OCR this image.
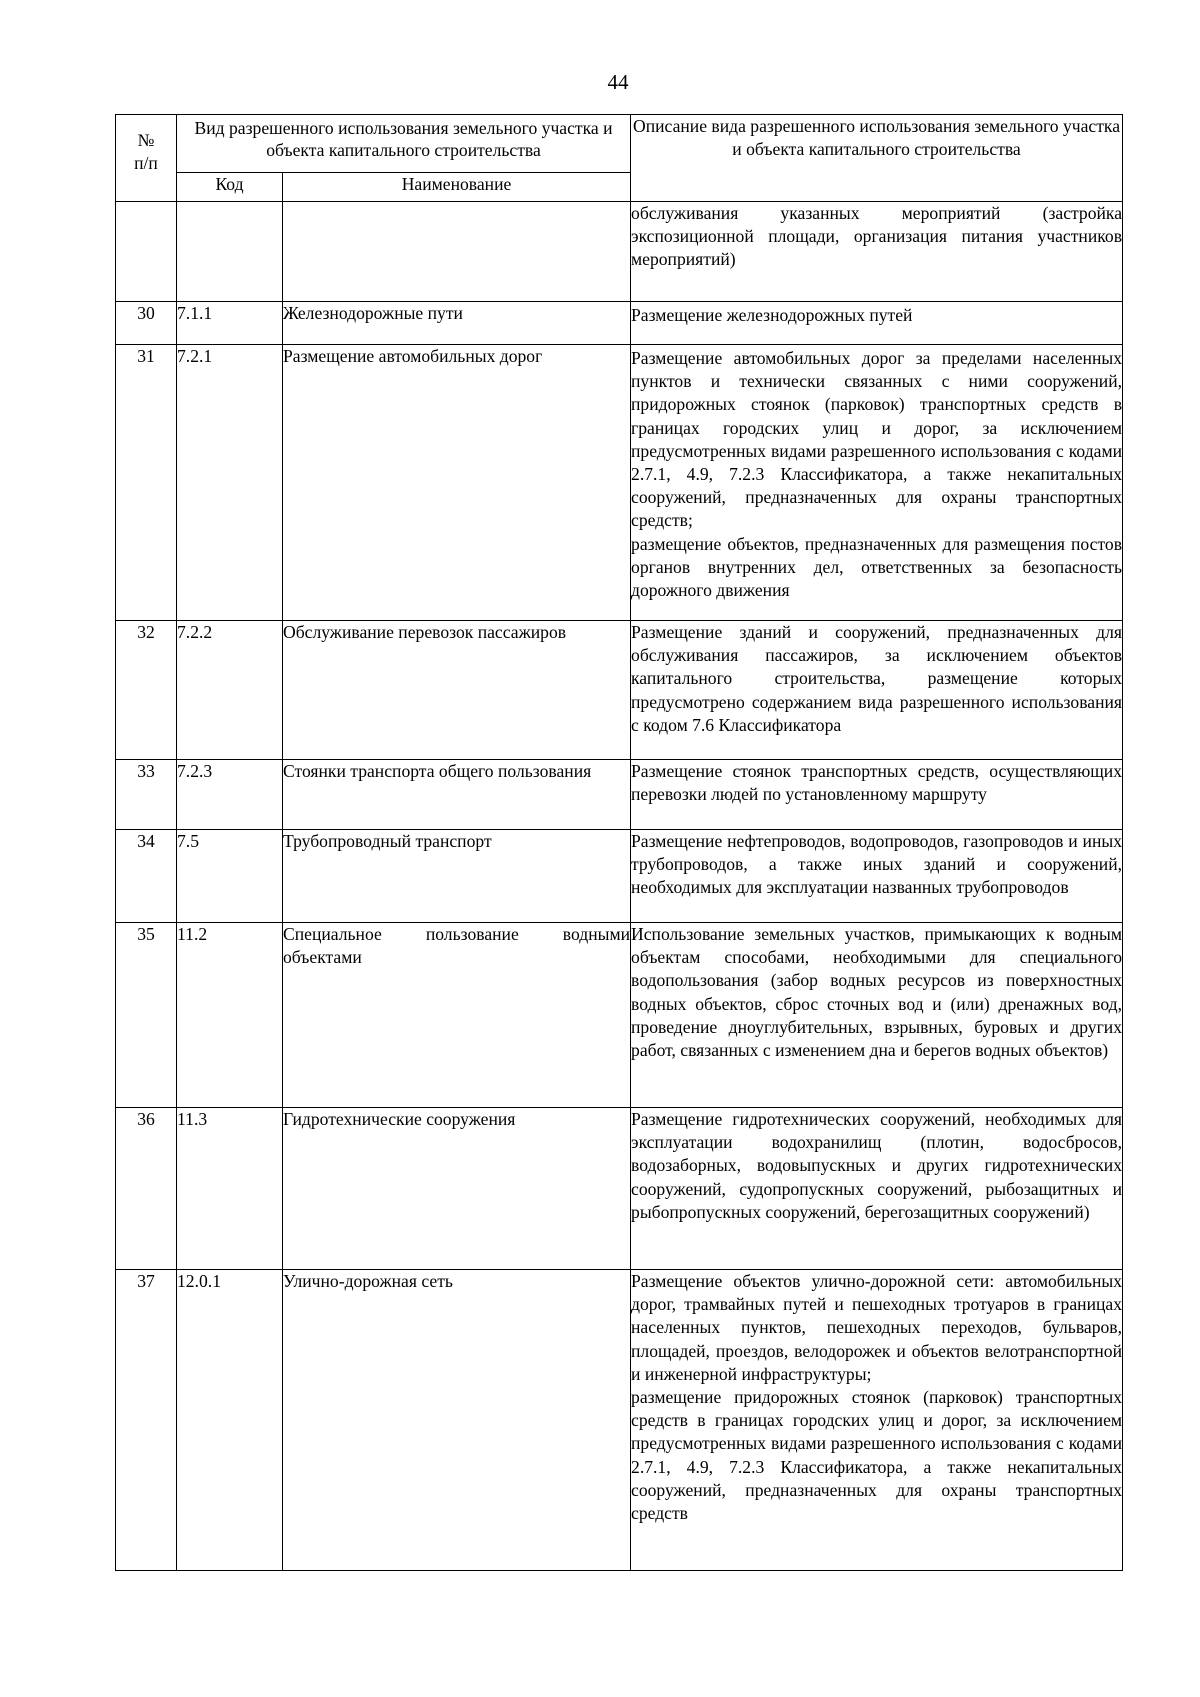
44
№
п/п	Вид разрешенного использования земельного участка и объекта капитального строительства		Описание вида разрешенного использования земельного участка и объекта капитального строительства
	Код	Наименование	
			обслуживания указанных мероприятий (застройка экспозиционной площади, организация питания участников мероприятий)
30	7.1.1	Железнодорожные пути	Размещение железнодорожных путей
31	7.2.1	Размещение автомобильных дорог	Размещение автомобильных дорог за пределами населенных пунктов и технически связанных с ними сооружений, придорожных стоянок (парковок) транспортных средств в границах городских улиц и дорог, за исключением предусмотренных видами разрешенного использования с кодами 2.7.1, 4.9, 7.2.3 Классификатора, а также некапитальных сооружений, предназначенных для охраны транспортных средств;
размещение объектов, предназначенных для размещения постов органов внутренних дел, ответственных за безопасность дорожного движения

32	7.2.2	Обслуживание перевозок пассажиров	Размещение зданий и сооружений, предназначенных для обслуживания пассажиров, за исключением объектов капитального строительства, размещение которых предусмотрено содержанием вида разрешенного использования с кодом 7.6 Классификатора
33	7.2.3	Стоянки транспорта общего пользования	Размещение стоянок транспортных средств, осуществляющих перевозки людей по установленному маршруту
34	7.5	Трубопроводный транспорт	Размещение нефтепроводов, водопроводов, газопроводов и иных трубопроводов, а также иных зданий и сооружений, необходимых для эксплуатации названных трубопроводов
35	11.2	Специальное пользование водными объектами	Использование земельных участков, примыкающих к водным объектам способами, необходимыми для специального водопользования (забор водных ресурсов из поверхностных водных объектов, сброс сточных вод и (или) дренажных вод, проведение дноуглубительных, взрывных, буровых и других работ, связанных с изменением дна и берегов водных объектов)
36	11.3	Гидротехнические сооружения	Размещение гидротехнических сооружений, необходимых для эксплуатации водохранилищ (плотин, водосбросов, водозаборных, водовыпускных и других гидротехнических сооружений, судопропускных сооружений, рыбозащитных и рыбопропускных сооружений, берегозащитных сооружений)
37	12.0.1	Улично-дорожная сеть	Размещение объектов улично-дорожной сети: автомобильных дорог, трамвайных путей и пешеходных тротуаров в границах населенных пунктов, пешеходных переходов, бульваров, площадей, проездов, велодорожек и объектов велотранспортной и инженерной инфраструктуры;
размещение придорожных стоянок (парковок) транспортных средств в границах городских улиц и дорог, за исключением предусмотренных видами разрешенного использования с кодами 2.7.1, 4.9, 7.2.3 Классификатора, а также некапитальных сооружений, предназначенных для охраны транспортных средств
